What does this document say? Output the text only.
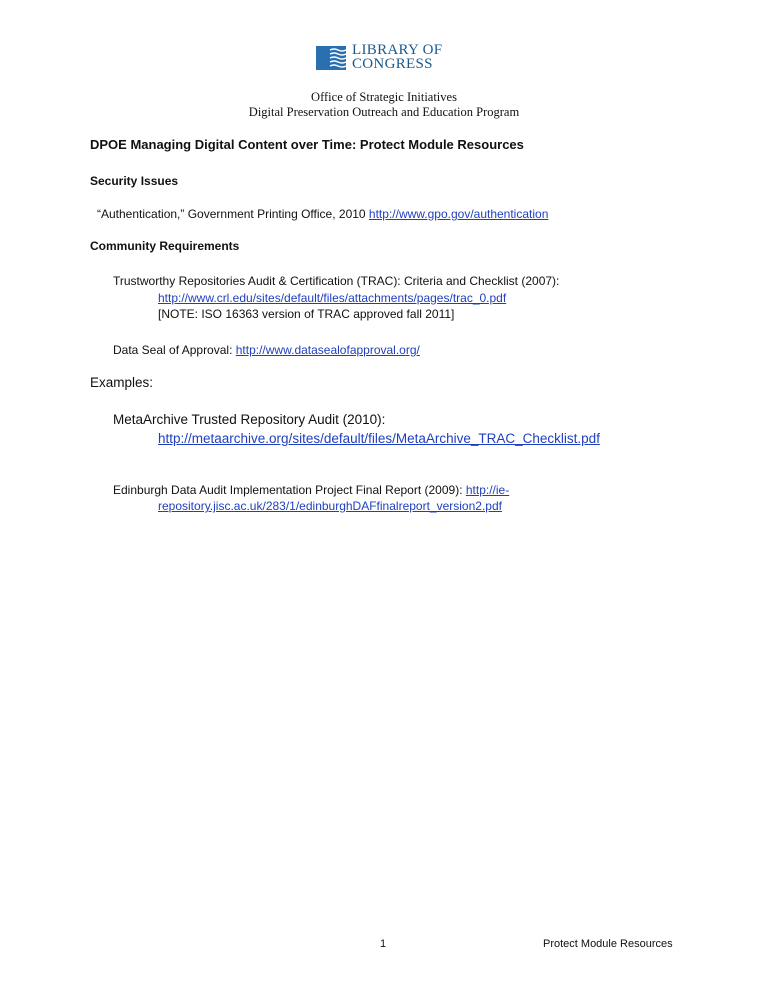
LIBRARY OF
CONGRESS
Office of Strategic Initiatives
Digital Preservation Outreach and Education Program
DPOE Managing Digital Content over Time: Protect Module Resources
Security Issues
“Authentication,” Government Printing Office, 2010 http://www.gpo.gov/authentication
Community Requirements
Trustworthy Repositories Audit & Certification (TRAC): Criteria and Checklist (2007):
http://www.crl.edu/sites/default/files/attachments/pages/trac_0.pdf
[NOTE: ISO 16363 version of TRAC approved fall 2011]
Data Seal of Approval: http://www.datasealofapproval.org/
Examples:
MetaArchive Trusted Repository Audit (2010):
http://metaarchive.org/sites/default/files/MetaArchive_TRAC_Checklist.pdf
Edinburgh Data Audit Implementation Project Final Report (2009): http://ie-
repository.jisc.ac.uk/283/1/edinburghDAFfinalreport_version2.pdf
1	Protect Module Resources
